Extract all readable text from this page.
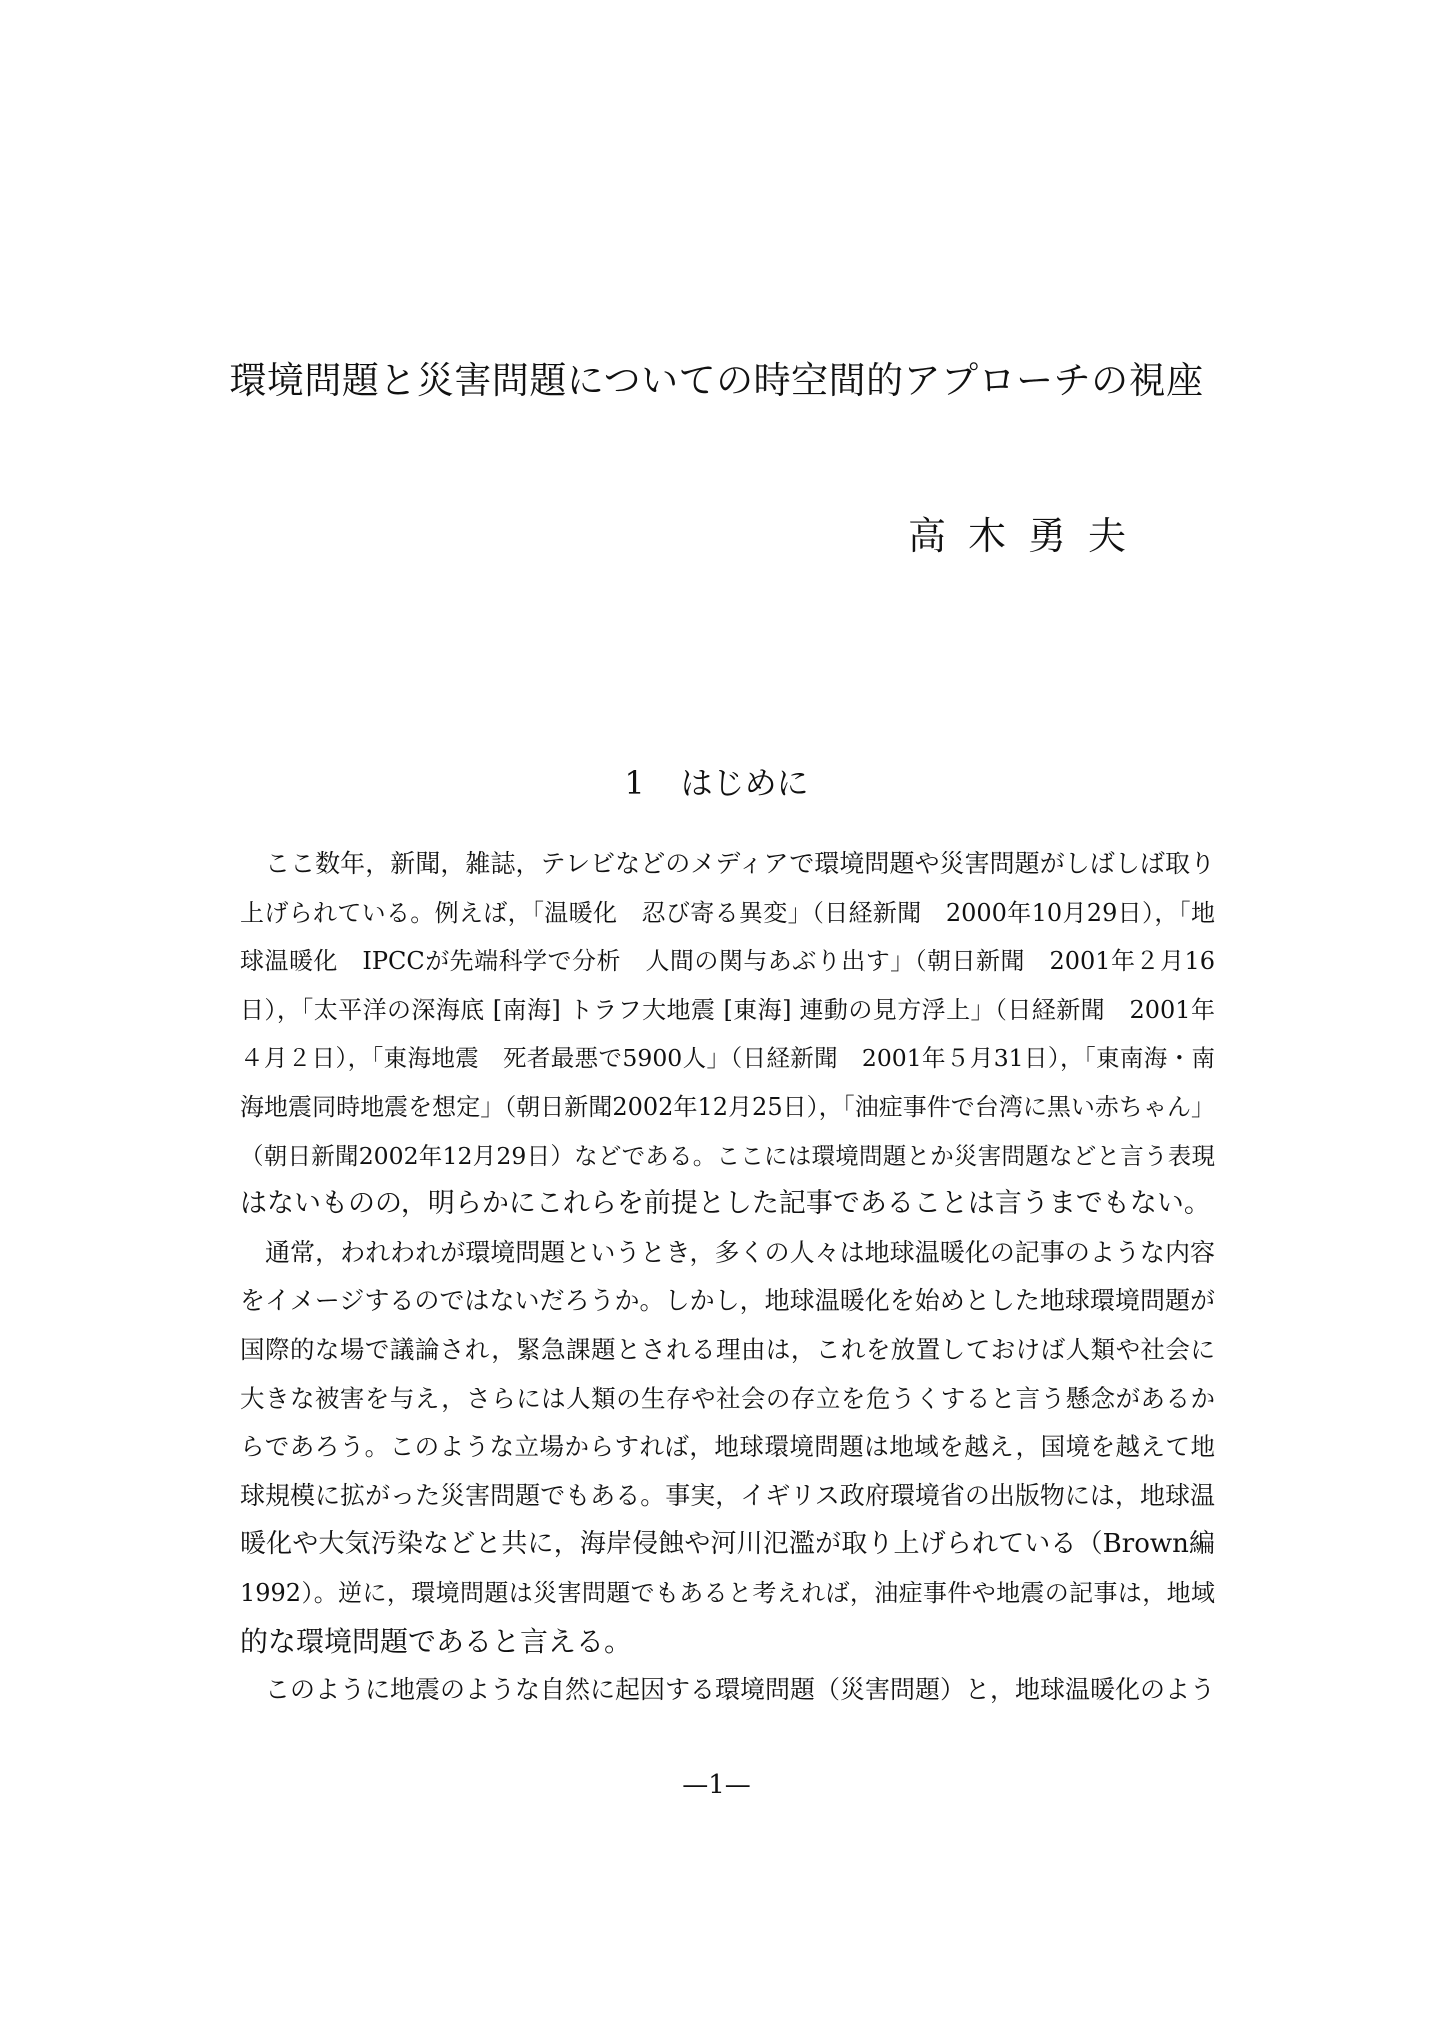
環境問題と災害問題についての時空間的アプローチの視座
高木勇夫
1 はじめに
　ここ数年，新聞，雑誌，テレビなどのメディアで環境問題や災害問題がしばしば取り
上げられている。例えば，「温暖化　忍び寄る異変」（日経新聞　2000年10月29日），「地
球温暖化　IPCCが先端科学で分析　人間の関与あぶり出す」（朝日新聞　2001年２月16
日），「太平洋の深海底 [南海] トラフ大地震 [東海] 連動の見方浮上」（日経新聞　2001年
４月２日），「東海地震　死者最悪で5900人」（日経新聞　2001年５月31日），「東南海・南
海地震同時地震を想定」（朝日新聞2002年12月25日），「油症事件で台湾に黒い赤ちゃん」
（朝日新聞2002年12月29日）などである。ここには環境問題とか災害問題などと言う表現
はないものの，明らかにこれらを前提とした記事であることは言うまでもない。
　通常，われわれが環境問題というとき，多くの人々は地球温暖化の記事のような内容
をイメージするのではないだろうか。しかし，地球温暖化を始めとした地球環境問題が
国際的な場で議論され，緊急課題とされる理由は，これを放置しておけば人類や社会に
大きな被害を与え，さらには人類の生存や社会の存立を危うくすると言う懸念があるか
らであろう。このような立場からすれば，地球環境問題は地域を越え，国境を越えて地
球規模に拡がった災害問題でもある。事実，イギリス政府環境省の出版物には，地球温
暖化や大気汚染などと共に，海岸侵蝕や河川氾濫が取り上げられている（Brown編
1992）。逆に，環境問題は災害問題でもあると考えれば，油症事件や地震の記事は，地域
的な環境問題であると言える。
　このように地震のような自然に起因する環境問題（災害問題）と，地球温暖化のよう
—1—
